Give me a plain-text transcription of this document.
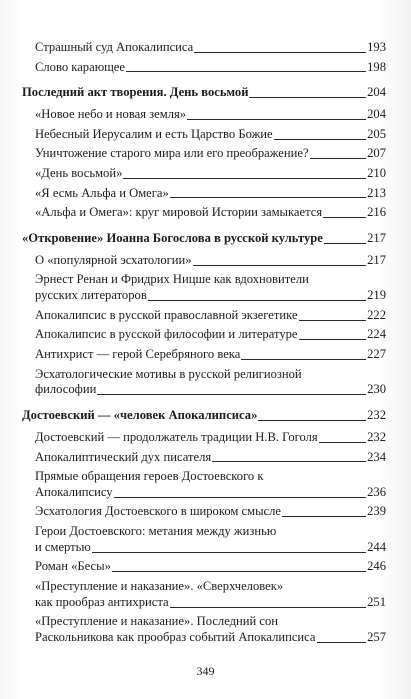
Страшный суд Апокалипсиса	193
Слово карающее	198
Последний акт творения. День восьмой	204
«Новое небо и новая земля»	204
Небесный Иерусалим и есть Царство Божие	205
Уничтожение старого мира или его преображение?	207
«День восьмой»	210
«Я есмь Альфа и Омега»	213
«Альфа и Омега»: круг мировой Истории замыкается	216
«Откровение» Иоанна Богослова в русской культуре	217
О «популярной эсхатологии»	217
Эрнест Ренан и Фридрих Ницше как вдохновители
русских литераторов	219
Апокалипсис в русской православной экзегетике	222
Апокалипсис в русской философии и литературе	224
Антихрист — герой Серебряного века	227
Эсхатологические мотивы в русской религиозной
философии	230
Достоевский — «человек Апокалипсиса»	232
Достоевский — продолжатель традиции Н.В. Гоголя	232
Апокалиптический дух писателя	234
Прямые обращения героев Достоевского к
Апокалипсису	236
Эсхатология Достоевского в широком смысле	239
Герои Достоевского: метания между жизнью
и смертью	244
Роман «Бесы»	246
«Преступление и наказание». «Сверхчеловек»
как прообраз антихриста	251
«Преступление и наказание». Последний сон
Раскольникова как прообраз событий Апокалипсиса	257
349
